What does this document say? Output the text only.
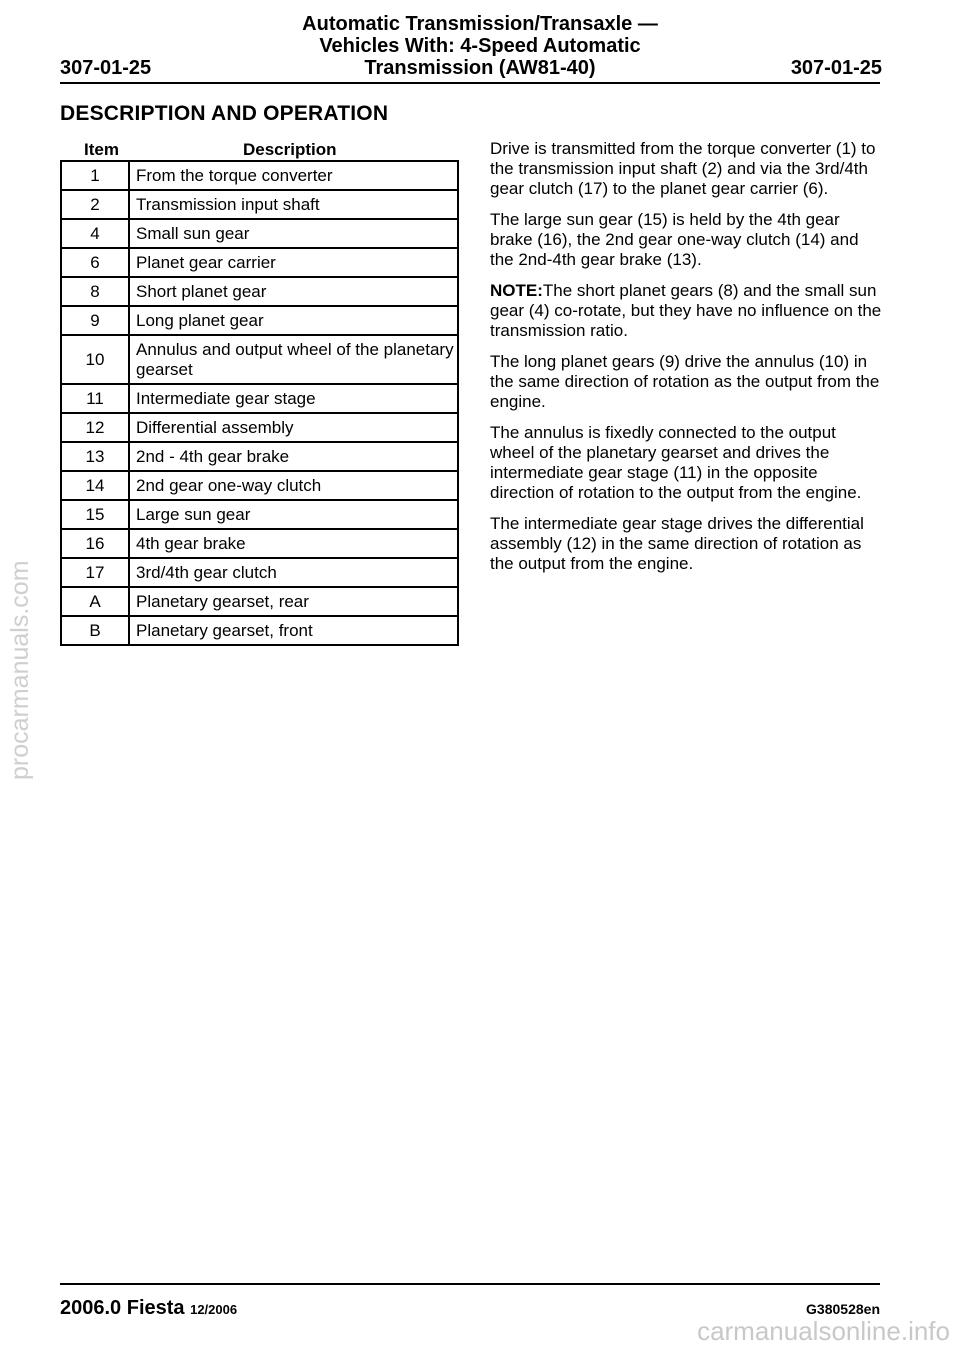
Automatic Transmission/Transaxle —
Vehicles With: 4-Speed Automatic
Transmission (AW81-40)
307-01-25	307-01-25
DESCRIPTION AND OPERATION
Item	Description
1	From the torque converter
2	Transmission input shaft
4	Small sun gear
6	Planet gear carrier
8	Short planet gear
9	Long planet gear
10	Annulus and output wheel of the planetary gearset
11	Intermediate gear stage
12	Differential assembly
13	2nd - 4th gear brake
14	2nd gear one-way clutch
15	Large sun gear
16	4th gear brake
17	3rd/4th gear clutch
A	Planetary gearset, rear
B	Planetary gearset, front

Drive is transmitted from the torque converter (1) to the transmission input shaft (2) and via the 3rd/4th gear clutch (17) to the planet gear carrier (6).

The large sun gear (15) is held by the 4th gear brake (16), the 2nd gear one-way clutch (14) and the 2nd-4th gear brake (13).

NOTE:The short planet gears (8) and the small sun gear (4) co-rotate, but they have no influence on the transmission ratio.

The long planet gears (9) drive the annulus (10) in the same direction of rotation as the output from the engine.

The annulus is fixedly connected to the output wheel of the planetary gearset and drives the intermediate gear stage (11) in the opposite direction of rotation to the output from the engine.

The intermediate gear stage drives the differential assembly (12) in the same direction of rotation as the output from the engine.

2006.0 Fiesta 12/2006	G380528en
procarmanuals.com
carmanualsonline.info
